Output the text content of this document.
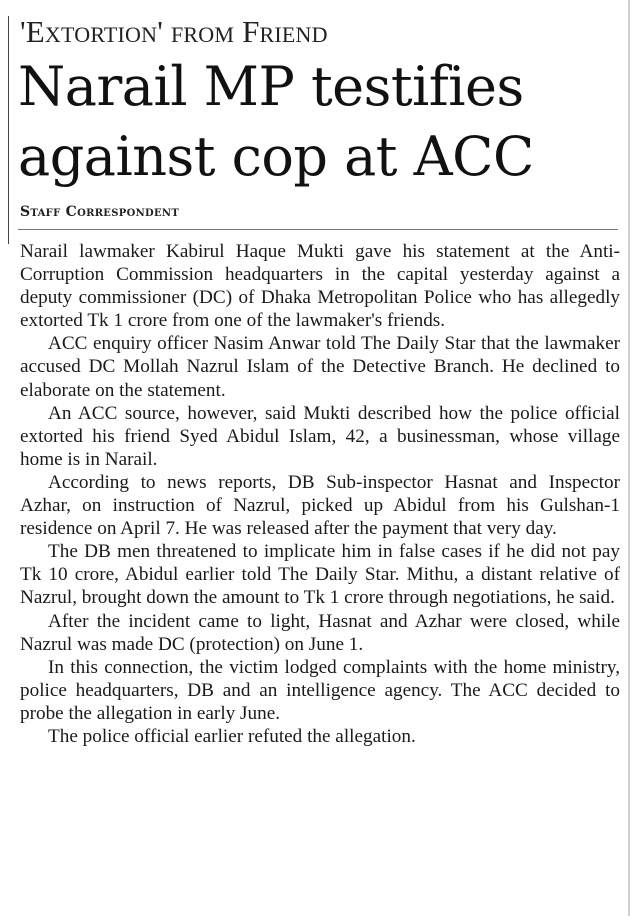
'Extortion' from Friend
Narail MP testifies against cop at ACC
Staff Correspondent

Narail lawmaker Kabirul Haque Mukti gave his statement at the Anti-Corruption Commission headquarters in the capital yesterday against a deputy commissioner (DC) of Dhaka Metropolitan Police who has allegedly extorted Tk 1 crore from one of the lawmaker's friends.

ACC enquiry officer Nasim Anwar told The Daily Star that the lawmaker accused DC Mollah Nazrul Islam of the Detective Branch. He declined to elaborate on the statement.

An ACC source, however, said Mukti described how the police official extorted his friend Syed Abidul Islam, 42, a businessman, whose village home is in Narail.

According to news reports, DB Sub-inspector Hasnat and Inspector Azhar, on instruction of Nazrul, picked up Abidul from his Gulshan-1 residence on April 7. He was released after the payment that very day.

The DB men threatened to implicate him in false cases if he did not pay Tk 10 crore, Abidul earlier told The Daily Star. Mithu, a distant relative of Nazrul, brought down the amount to Tk 1 crore through negotiations, he said.

After the incident came to light, Hasnat and Azhar were closed, while Nazrul was made DC (protection) on June 1.

In this connection, the victim lodged complaints with the home ministry, police headquarters, DB and an intelligence agency. The ACC decided to probe the allegation in early June.

The police official earlier refuted the allegation.
